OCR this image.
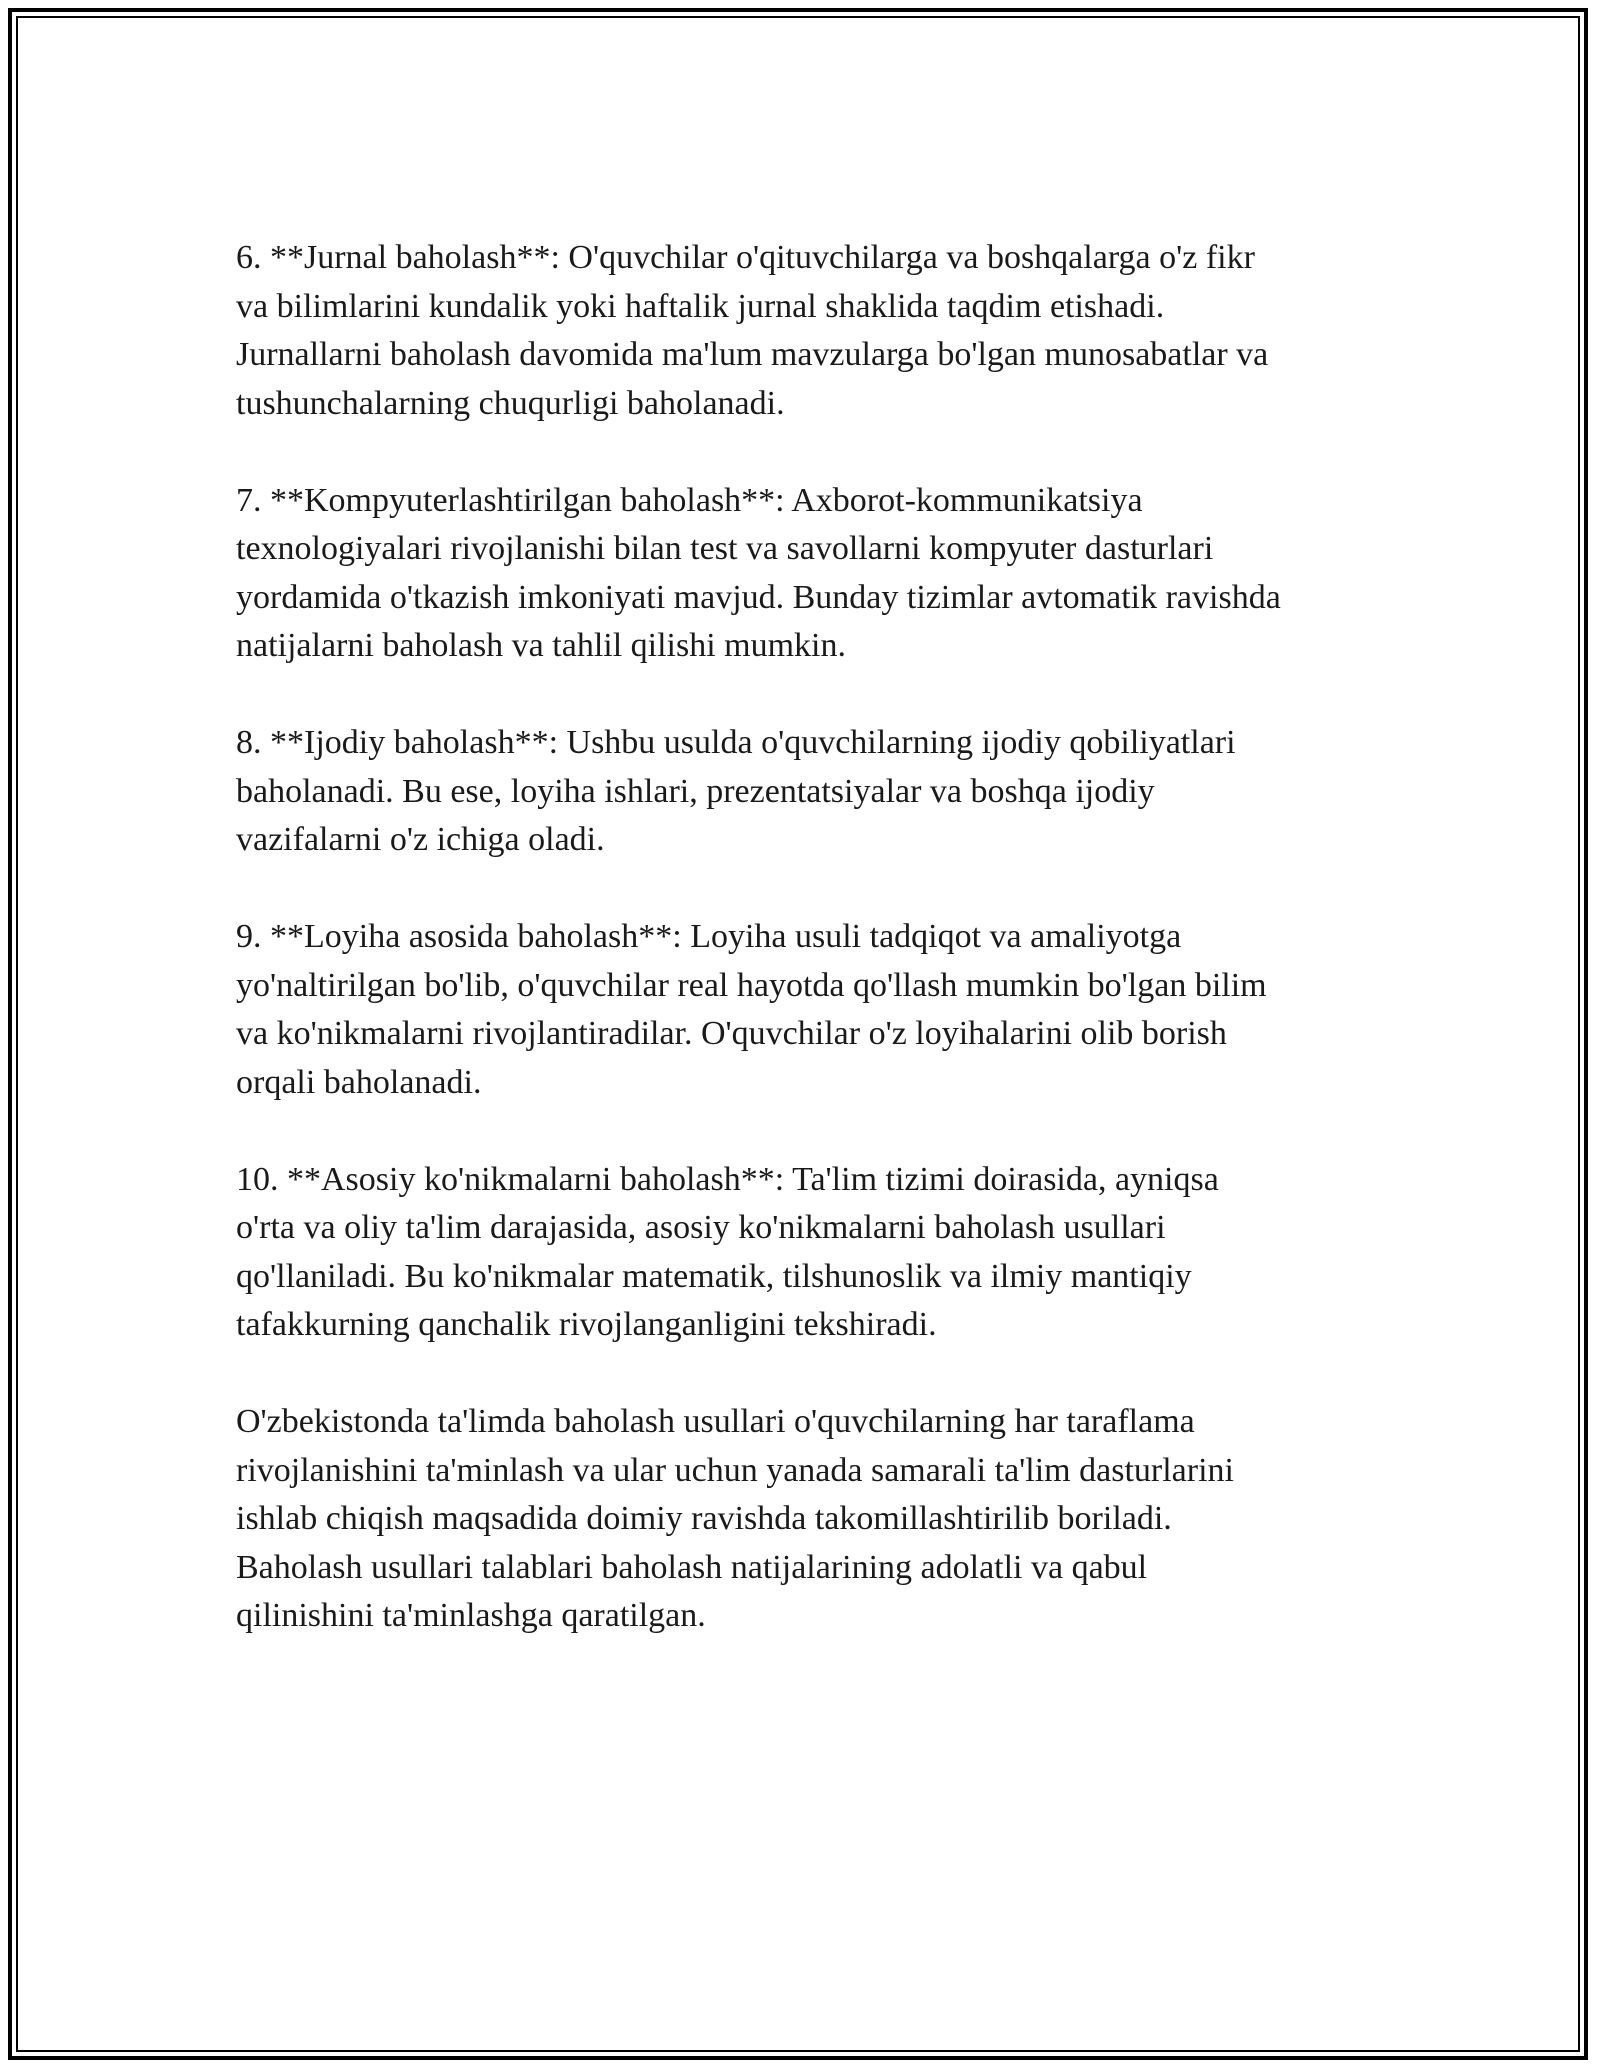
6. **Jurnal baholash**: O'quvchilar o'qituvchilarga va boshqalarga o'z fikr
va bilimlarini kundalik yoki haftalik jurnal shaklida taqdim etishadi.
Jurnallarni baholash davomida ma'lum mavzularga bo'lgan munosabatlar va
tushunchalarning chuqurligi baholanadi.

7. **Kompyuterlashtirilgan baholash**: Axborot-kommunikatsiya
texnologiyalari rivojlanishi bilan test va savollarni kompyuter dasturlari
yordamida o'tkazish imkoniyati mavjud. Bunday tizimlar avtomatik ravishda
natijalarni baholash va tahlil qilishi mumkin.

8. **Ijodiy baholash**: Ushbu usulda o'quvchilarning ijodiy qobiliyatlari
baholanadi. Bu ese, loyiha ishlari, prezentatsiyalar va boshqa ijodiy
vazifalarni o'z ichiga oladi.

9. **Loyiha asosida baholash**: Loyiha usuli tadqiqot va amaliyotga
yo'naltirilgan bo'lib, o'quvchilar real hayotda qo'llash mumkin bo'lgan bilim
va ko'nikmalarni rivojlantiradilar. O'quvchilar o'z loyihalarini olib borish
orqali baholanadi.

10. **Asosiy ko'nikmalarni baholash**: Ta'lim tizimi doirasida, ayniqsa
o'rta va oliy ta'lim darajasida, asosiy ko'nikmalarni baholash usullari
qo'llaniladi. Bu ko'nikmalar matematik, tilshunoslik va ilmiy mantiqiy
tafakkurning qanchalik rivojlanganligini tekshiradi.

O'zbekistonda ta'limda baholash usullari o'quvchilarning har taraflama
rivojlanishini ta'minlash va ular uchun yanada samarali ta'lim dasturlarini
ishlab chiqish maqsadida doimiy ravishda takomillashtirilib boriladi.
Baholash usullari talablari baholash natijalarining adolatli va qabul
qilinishini ta'minlashga qaratilgan.
